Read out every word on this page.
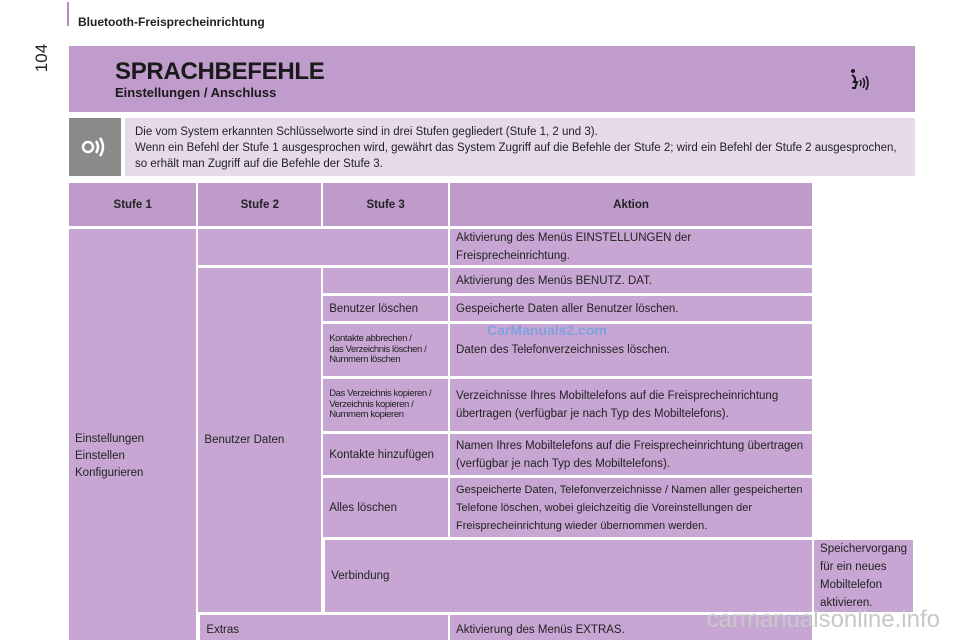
Bluetooth-Freisprecheinrichtung
104	SPRACHBEFEHLE
Einstellungen / Anschluss
Die vom System erkannten Schlüsselworte sind in drei Stufen gegliedert (Stufe 1, 2 und 3).
Wenn ein Befehl der Stufe 1 ausgesprochen wird, gewährt das System Zugriff auf die Befehle der Stufe 2; wird ein Befehl der Stufe 2 ausgesprochen, so erhält man Zugriff auf die Befehle der Stufe 3.
Stufe 1	Stufe 2	Stufe 3	Aktion	

Einstellungen
Einstellen
Konfigurieren			Aktivierung des Menüs EINSTELLUNGEN der Freisprecheinrichtung.	
	Benutzer Daten		Aktivierung des Menüs BENUTZ. DAT.	
		Benutzer löschen	Gespeicherte Daten aller Benutzer löschen.	

		Kontakte abbrechen /
das Verzeichnis löschen /
Nummern löschen	Daten des Telefonverzeichnisses löschen.	

		Das Verzeichnis kopieren /
Verzeichnis kopieren /
Nummern kopieren	Verzeichnisse Ihres Mobiltelefons auf die Freisprecheinrichtung übertragen (verfügbar je nach Typ des Mobiltelefons).	
		Kontakte hinzufügen	Namen Ihres Mobiltelefons auf die Freisprecheinrichtung übertragen (verfügbar je nach Typ des Mobiltelefons).	
		Alles löschen	Gespeicherte Daten, Telefonverzeichnisse / Namen aller gespeicherten Telefone löschen, wobei gleichzeitig die Voreinstellungen der Freisprecheinrichtung wieder übernommen werden.	
		Verbindung		Speichervorgang für ein neues Mobiltelefon aktivieren.
	Extras		Aktivierung des Menüs EXTRAS.	
CarManuals2.com
carmanualsonline.info
